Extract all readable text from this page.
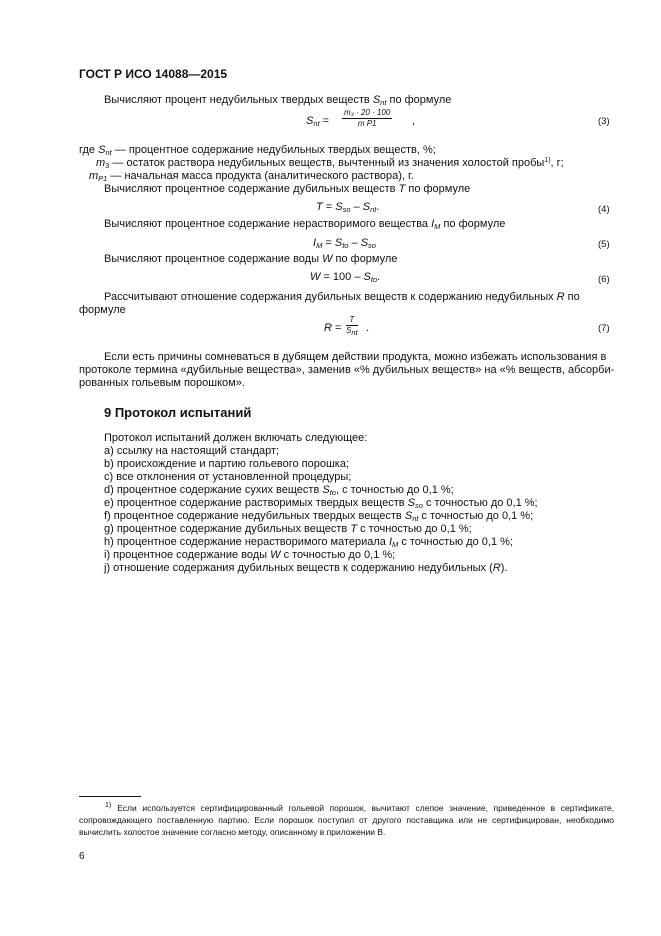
ГОСТ Р ИСО 14088—2015
Вычисляют процент недубильных твердых веществ $S_{nt}$ по формуле
$S_{nt} = \frac{\text{m₃ · 20 · 100}}{\text{m P1}}$ ,	(3)
где $S_{nt}$ — процентное содержание недубильных твердых веществ, %;
$m_3$ — остаток раствора недубильных веществ, вычтенный из значения холостой пробы$^{1)}$, г;
$m_{P1}$ — начальная масса продукта (аналитического раствора), г.
Вычисляют процентное содержание дубильных веществ T по формуле
$T = S_{so} - S_{nt}$.	(4)
Вычисляют процентное содержание нерастворимого вещества $I_M$ по формуле
$I_M = S_{to} - S_{so}$	(5)
Вычисляют процентное содержание воды W по формуле
$W = 100 - S_{to}$.	(6)
Рассчитывают отношение содержания дубильных веществ к содержанию недубильных R по
формуле
R =
T
$S_{nt}$ .	(7)
Если есть причины сомневаться в дубящем действии продукта, можно избежать использования в
протоколе термина «дубильные вещества», заменив «% дубильных веществ» на «% веществ, абсорби-
рованных гольевым порошком».
9 Протокол испытаний
Протокол испытаний должен включать следующее:
a) ссылку на настоящий стандарт;
b) происхождение и партию гольевого порошка;
c) все отклонения от установленной процедуры;
d) процентное содержание сухих веществ $S_{to}$, с точностью до 0,1 %;
e) процентное содержание растворимых твердых веществ $S_{so}$ с точностью до 0,1 %;
f) процентное содержание недубильных твердых веществ $S_{nt}$ с точностью до 0,1 %;
g) процентное содержание дубильных веществ T с точностью до 0,1 %;
h) процентное содержание нерастворимого материала $I_M$ с точностью до 0,1 %;
i) процентное содержание воды W с точностью до 0,1 %;
j) отношение содержания дубильных веществ к содержанию недубильных (R).
$^{1)}$ Если используется сертифицированный гольевой порошок, вычитают слепое значение, приведенное в сертификате, сопровождающего поставленную партию. Если порошок поступил от другого поставщика или не сертифицирован, необходимо вычислить холостое значение согласно методу, описанному в приложении В.
6
